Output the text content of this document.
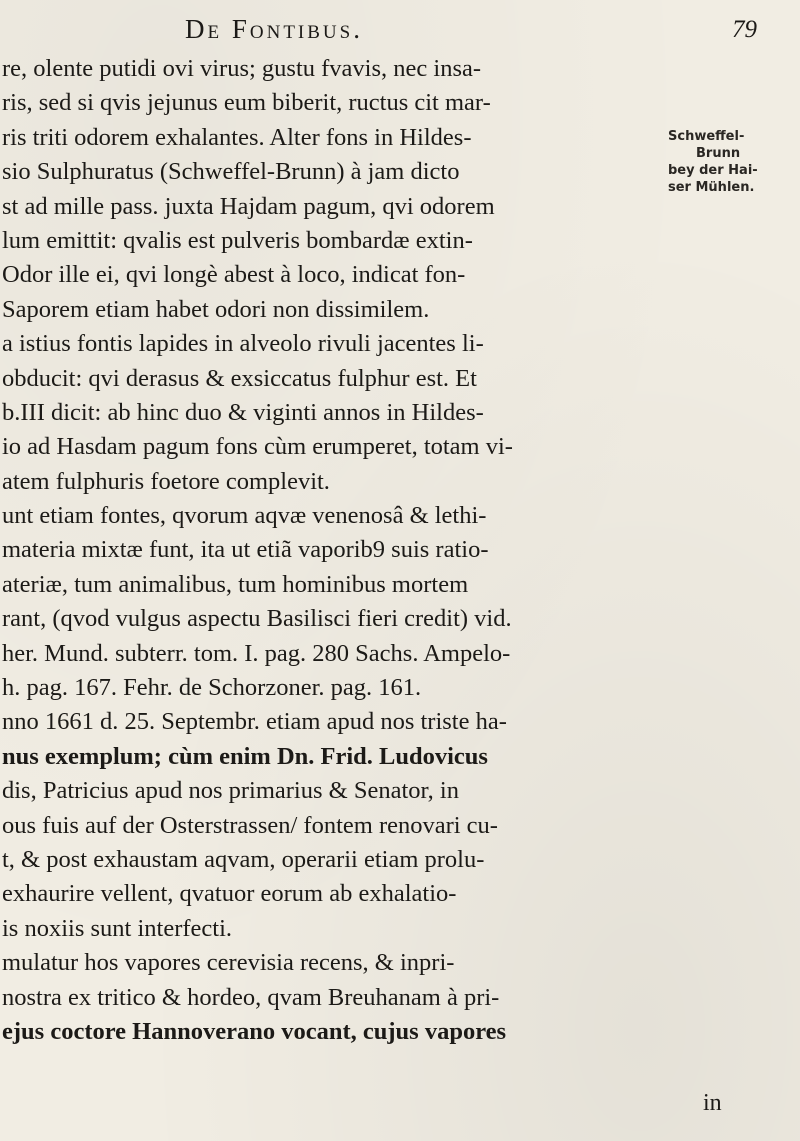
De Fontibus.	79
re, olente putidi ovi virus; gustu fvavis, nec insa-
ris, sed si qvis jejunus eum biberit, ructus cit mar-
ris triti odorem exhalantes. Alter fons in Hildes-
sio Sulphuratus (Schweffel-Brunn) à jam dicto
st ad mille pass. juxta Hajdam pagum, qvi odorem
lum emittit: qvalis est pulveris bombardæ extin-
Odor ille ei, qvi longè abest à loco, indicat fon-
Saporem etiam habet odori non dissimilem.
a istius fontis lapides in alveolo rivuli jacentes li-
obducit: qvi derasus & exsiccatus fulphur est. Et
b.III dicit: ab hinc duo & viginti annos in Hildes-
io ad Hasdam pagum fons cùm erumperet, totam vi-
atem fulphuris foetore complevit.
unt etiam fontes, qvorum aqvæ venenosâ & lethi-
materia mixtæ funt, ita ut etiã vaporib9 suis ratio-
ateriæ, tum animalibus, tum hominibus mortem
rant, (qvod vulgus aspectu Basilisci fieri credit) vid.
her. Mund. subterr. tom. I. pag. 280 Sachs. Ampelo-
h. pag. 167. Fehr. de Schorzoner. pag. 161.
nno 1661 d. 25. Septembr. etiam apud nos triste ha-
nus exemplum; cùm enim Dn. Frid. Ludovicus
dis, Patricius apud nos primarius & Senator, in
ous fuis auf der Osterstrassen/ fontem renovari cu-
t, & post exhaustam aqvam, operarii etiam prolu-
exhaurire vellent, qvatuor eorum ab exhalatio-
is noxiis sunt interfecti.
mulatur hos vapores cerevisia recens, & inpri-
nostra ex tritico & hordeo, qvam Breuhanam à pri-
ejus coctore Hannoverano vocant, cujus vapores
Schweffel-
Brunn
bey der Hai-
ser Mühlen.
in
